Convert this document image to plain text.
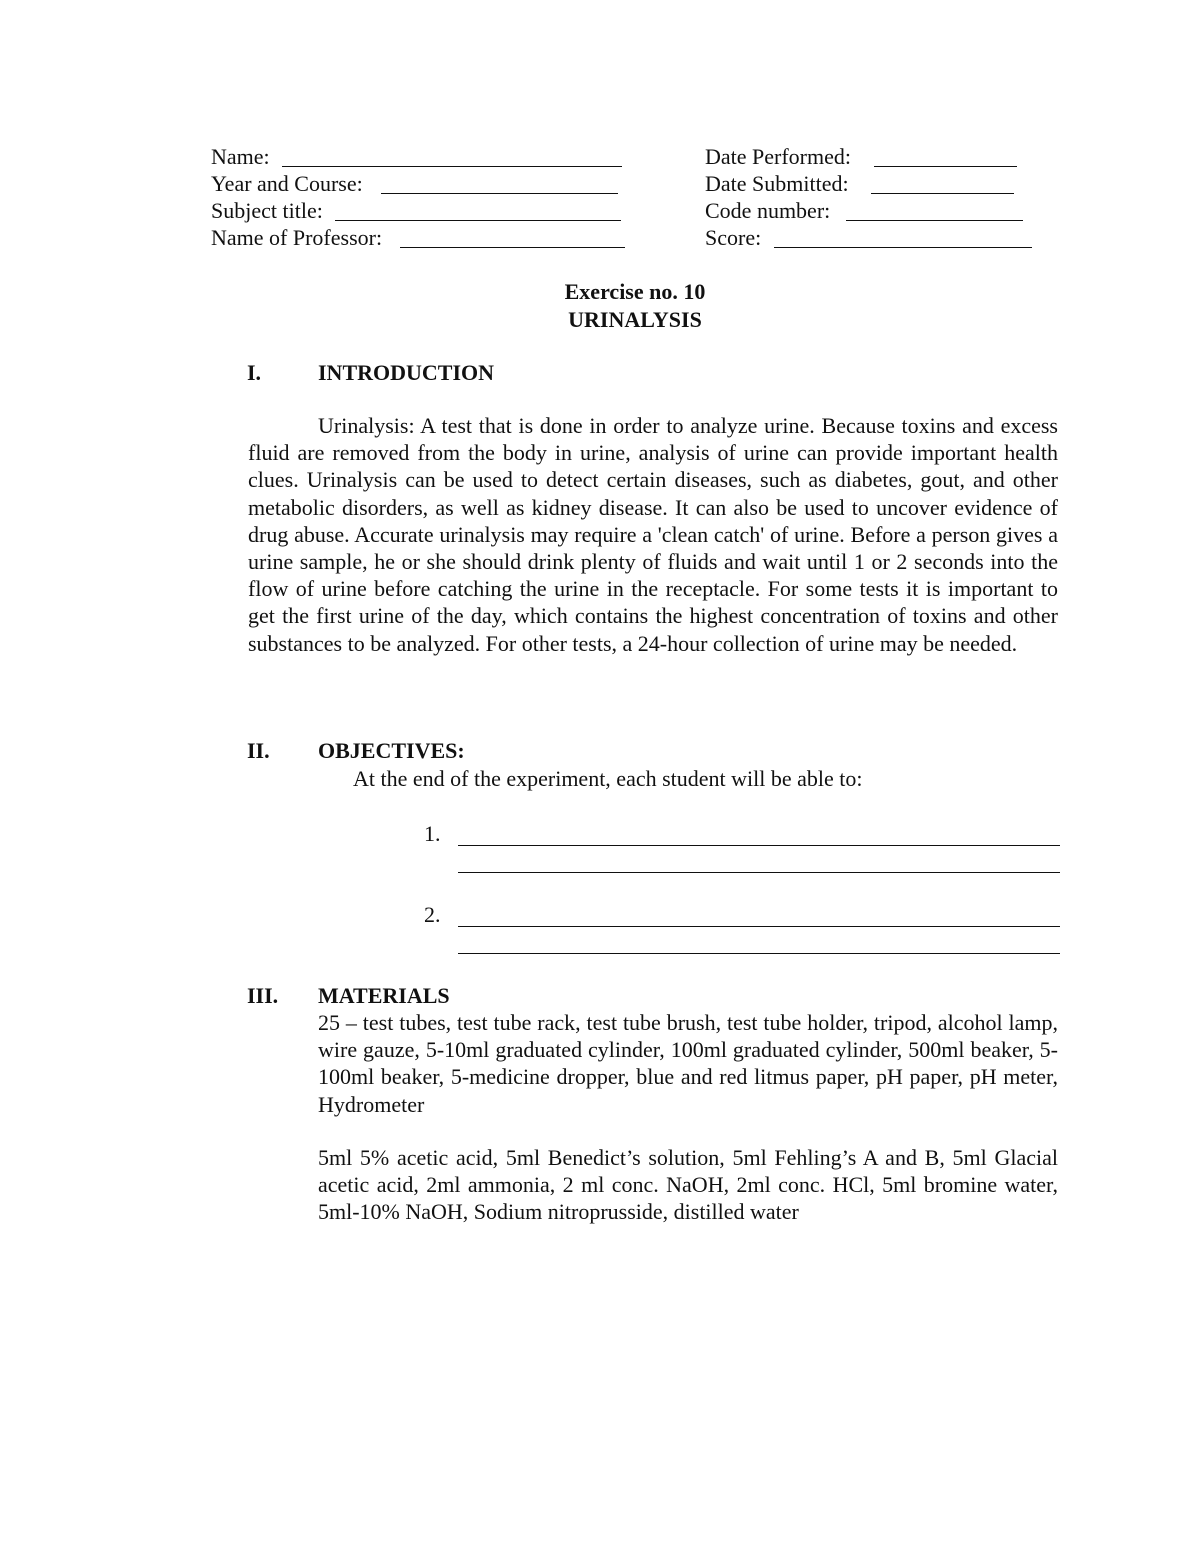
Name:
Year and Course:
Subject title:
Name of Professor:
Date Performed:
Date Submitted:
Code number:
Score:
Exercise no. 10
URINALYSIS
I.	INTRODUCTION
Urinalysis: A test that is done in order to analyze urine. Because toxins and excess fluid are removed from the body in urine, analysis of urine can provide important health clues. Urinalysis can be used to detect certain diseases, such as diabetes, gout, and other metabolic disorders, as well as kidney disease. It can also be used to uncover evidence of drug abuse. Accurate urinalysis may require a 'clean catch' of urine. Before a person gives a urine sample, he or she should drink plenty of fluids and wait until 1 or 2 seconds into the flow of urine before catching the urine in the receptacle. For some tests it is important to get the first urine of the day, which contains the highest concentration of toxins and other substances to be analyzed. For other tests, a 24-hour collection of urine may be needed.
II. OBJECTIVES:
At the end of the experiment, each student will be able to:
1.
2.
III. MATERIALS
25 – test tubes, test tube rack, test tube brush, test tube holder, tripod, alcohol lamp, wire gauze, 5-10ml graduated cylinder, 100ml graduated cylinder, 500ml beaker, 5-100ml beaker, 5-medicine dropper, blue and red litmus paper, pH paper, pH meter, Hydrometer
5ml 5% acetic acid, 5ml Benedict’s solution, 5ml Fehling’s A and B, 5ml Glacial acetic acid, 2ml ammonia, 2 ml conc. NaOH, 2ml conc. HCl, 5ml bromine water, 5ml-10% NaOH, Sodium nitroprusside, distilled water
